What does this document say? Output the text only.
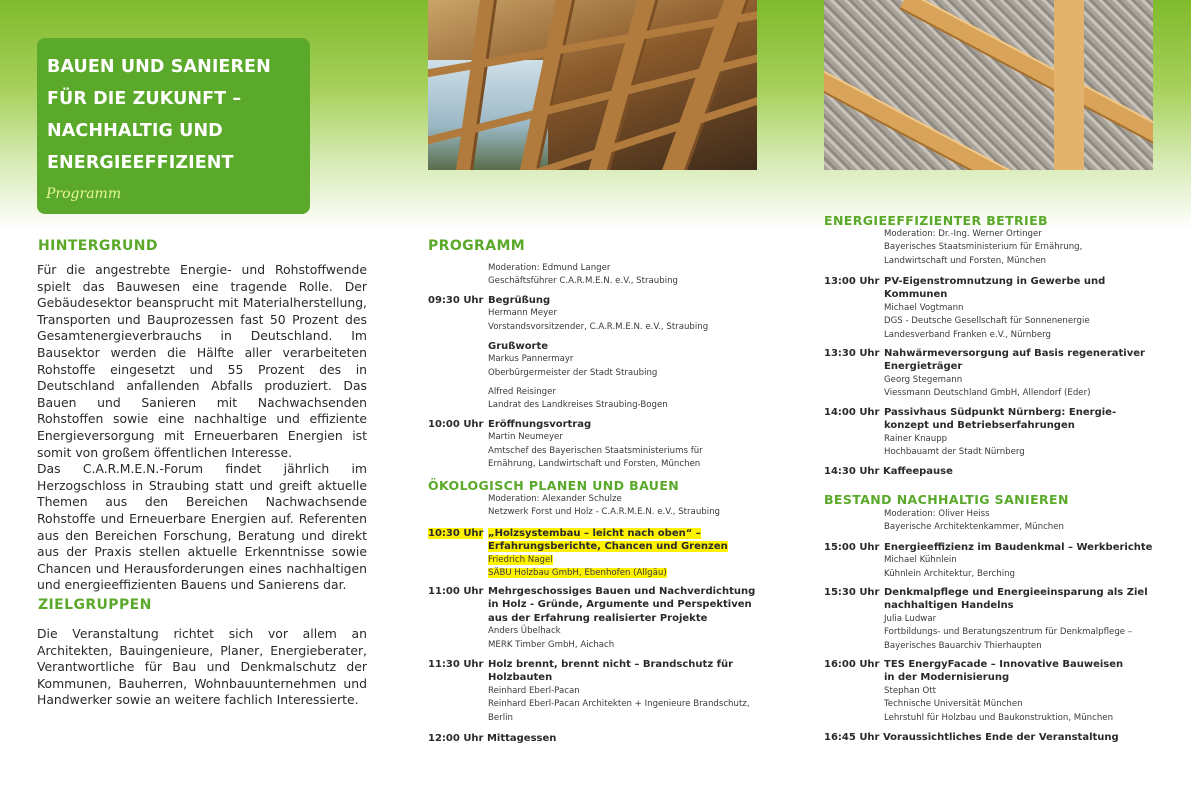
BAUEN UND SANIEREN
FÜR DIE ZUKUNFT –
NACHHALTIG UND
ENERGIEEFFIZIENT
Programm
HINTERGRUND

Für die angestrebte Energie- und Rohstoffwende spielt das Bauwesen eine tragende Rolle. Der Gebäudesektor beansprucht mit Materialherstellung, Transporten und Bauprozessen fast 50 Prozent des Gesamtenergieverbrauchs in Deutschland. Im Bausektor werden die Hälfte aller verarbeiteten Rohstoffe eingesetzt und 55 Prozent des in Deutschland anfallenden Abfalls produziert. Das Bauen und Sanieren mit Nachwachsenden Rohstoffen sowie eine nachhaltige und effiziente Energieversorgung mit Erneuerbaren Energien ist somit von großem öffentlichen Interesse.

Das C.A.R.M.E.N.-Forum findet jährlich im Herzogschloss in Straubing statt und greift aktuelle Themen aus den Bereichen Nachwachsende Rohstoffe und Erneuerbare Energien auf. Referenten aus den Bereichen Forschung, Beratung und direkt aus der Praxis stellen aktuelle Erkenntnisse sowie Chancen und Herausforderungen eines nachhaltigen und energieeffizienten Bauens und Sanierens dar.

ZIELGRUPPEN

Die Veranstaltung richtet sich vor allem an Architekten, Bauingenieure, Planer, Energieberater, Verantwortliche für Bau und Denkmalschutz der Kommunen, Bauherren, Wohnbauunternehmen und Handwerker sowie an weitere fachlich Interessierte.

PROGRAMM
Moderation: Edmund Langer
Geschäftsführer C.A.R.M.E.N. e.V., Straubing
09:30 Uhr Begrüßung
Hermann Meyer
Vorstandsvorsitzender, C.A.R.M.E.N. e.V., Straubing
Grußworte
Markus Pannermayr
Oberbürgermeister der Stadt Straubing
Alfred Reisinger
Landrat des Landkreises Straubing-Bogen
10:00 Uhr Eröffnungsvortrag
Martin Neumeyer
Amtschef des Bayerischen Staatsministeriums für
Ernährung, Landwirtschaft und Forsten, München
ÖKOLOGISCH PLANEN UND BAUEN
Moderation: Alexander Schulze
Netzwerk Forst und Holz - C.A.R.M.E.N. e.V., Straubing
10:30 Uhr „Holzsystembau – leicht nach oben“ –
Erfahrungsberichte, Chancen und Grenzen
Friedrich Nagel
SÄBU Holzbau GmbH, Ebenhofen (Allgäu)
11:00 Uhr Mehrgeschossiges Bauen und Nachverdichtung
in Holz - Gründe, Argumente und Perspektiven
aus der Erfahrung realisierter Projekte
Anders Übelhack
MERK Timber GmbH, Aichach
11:30 Uhr Holz brennt, brennt nicht – Brandschutz für
Holzbauten
Reinhard Eberl-Pacan
Reinhard Eberl-Pacan Architekten + Ingenieure Brandschutz,
Berlin
12:00 Uhr Mittagessen
ENERGIEEFFIZIENTER BETRIEB
Moderation: Dr.-Ing. Werner Ortinger
Bayerisches Staatsministerium für Ernährung,
Landwirtschaft und Forsten, München
13:00 Uhr PV-Eigenstromnutzung in Gewerbe und
Kommunen
Michael Vogtmann
DGS - Deutsche Gesellschaft für Sonnenenergie
Landesverband Franken e.V., Nürnberg
13:30 Uhr Nahwärmeversorgung auf Basis regenerativer
Energieträger
Georg Stegemann
Viessmann Deutschland GmbH, Allendorf (Eder)
14:00 Uhr Passivhaus Südpunkt Nürnberg: Energie-
konzept und Betriebserfahrungen
Rainer Knaupp
Hochbauamt der Stadt Nürnberg
14:30 Uhr Kaffeepause
BESTAND NACHHALTIG SANIEREN
Moderation: Oliver Heiss
Bayerische Architektenkammer, München
15:00 Uhr Energieeffizienz im Baudenkmal – Werkberichte
Michael Kühnlein
Kühnlein Architektur, Berching
15:30 Uhr Denkmalpflege und Energieeinsparung als Ziel
nachhaltigen Handelns
Julia Ludwar
Fortbildungs- und Beratungszentrum für Denkmalpflege –
Bayerisches Bauarchiv Thierhaupten
16:00 Uhr TES EnergyFacade – Innovative Bauweisen
in der Modernisierung
Stephan Ott
Technische Universität München
Lehrstuhl für Holzbau und Baukonstruktion, München
16:45 Uhr Voraussichtliches Ende der Veranstaltung
